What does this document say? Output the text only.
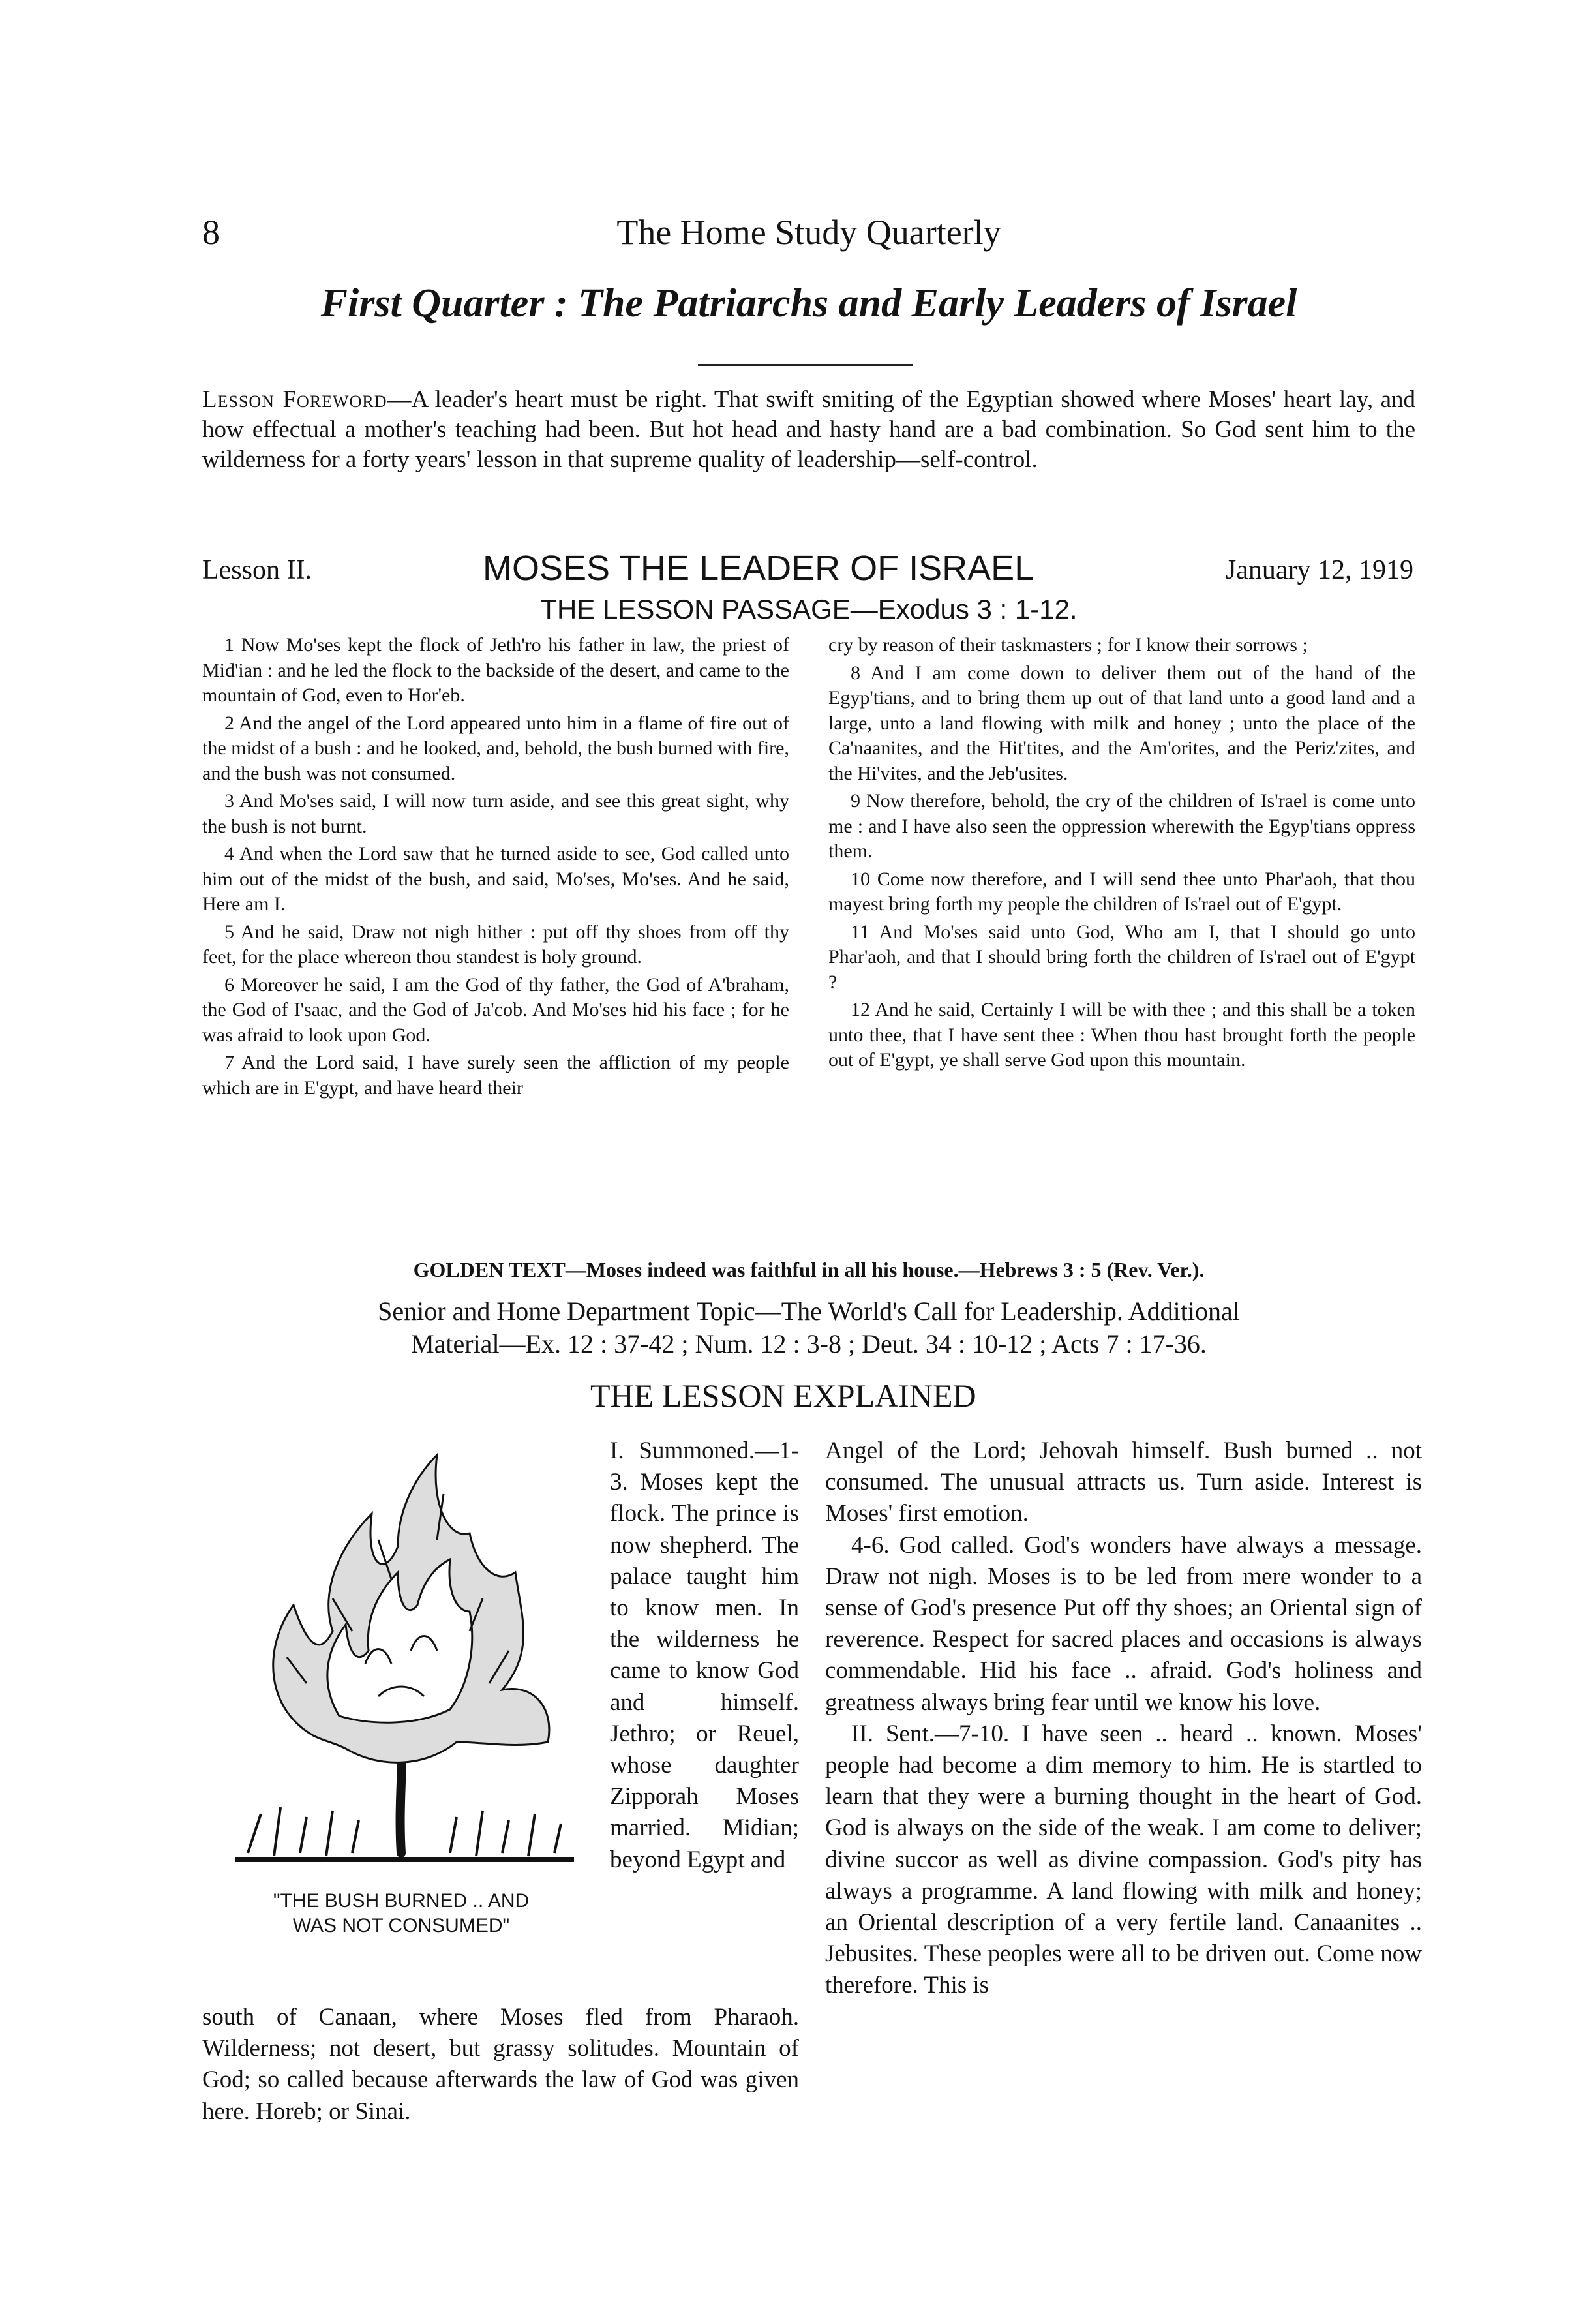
8	The Home Study Quarterly
First Quarter : The Patriarchs and Early Leaders of Israel
Lesson Foreword—A leader's heart must be right. That swift smiting of the Egyptian showed where Moses' heart lay, and how effectual a mother's teaching had been. But hot head and hasty hand are a bad combination. So God sent him to the wilderness for a forty years' lesson in that supreme quality of leadership—self-control.
Lesson II.	MOSES THE LEADER OF ISRAEL	January 12, 1919
THE LESSON PASSAGE—Exodus 3 : 1-12.

1 Now Mo'ses kept the flock of Jeth'ro his father in law, the priest of Mid'ian : and he led the flock to the backside of the desert, and came to the mountain of God, even to Hor'eb.

2 And the angel of the Lord appeared unto him in a flame of fire out of the midst of a bush : and he looked, and, behold, the bush burned with fire, and the bush was not consumed.

3 And Mo'ses said, I will now turn aside, and see this great sight, why the bush is not burnt.

4 And when the Lord saw that he turned aside to see, God called unto him out of the midst of the bush, and said, Mo'ses, Mo'ses. And he said, Here am I.

5 And he said, Draw not nigh hither : put off thy shoes from off thy feet, for the place whereon thou standest is holy ground.

6 Moreover he said, I am the God of thy father, the God of A'braham, the God of I'saac, and the God of Ja'cob. And Mo'ses hid his face ; for he was afraid to look upon God.

7 And the Lord said, I have surely seen the affliction of my people which are in E'gypt, and have heard their

cry by reason of their taskmasters ; for I know their sorrows ;

8 And I am come down to deliver them out of the hand of the Egyp'tians, and to bring them up out of that land unto a good land and a large, unto a land flowing with milk and honey ; unto the place of the Ca'naanites, and the Hit'tites, and the Am'orites, and the Periz'zites, and the Hi'vites, and the Jeb'usites.

9 Now therefore, behold, the cry of the children of Is'rael is come unto me : and I have also seen the oppression wherewith the Egyp'tians oppress them.

10 Come now therefore, and I will send thee unto Phar'aoh, that thou mayest bring forth my people the children of Is'rael out of E'gypt.

11 And Mo'ses said unto God, Who am I, that I should go unto Phar'aoh, and that I should bring forth the children of Is'rael out of E'gypt ?

12 And he said, Certainly I will be with thee ; and this shall be a token unto thee, that I have sent thee : When thou hast brought forth the people out of E'gypt, ye shall serve God upon this mountain.

GOLDEN TEXT—Moses indeed was faithful in all his house.—Hebrews 3 : 5 (Rev. Ver.).
Senior and Home Department Topic—The World's Call for Leadership. Additional
Material—Ex. 12 : 37-42 ; Num. 12 : 3-8 ; Deut. 34 : 10-12 ; Acts 7 : 17-36.
THE LESSON EXPLAINED
"THE BUSH BURNED .. AND
WAS NOT CONSUMED"
I. Summoned.—1-3. Moses kept the flock. The prince is now shepherd. The palace taught him to know men. In the wilderness he came to know God and himself. Jethro; or Reuel, whose daughter Zipporah Moses married. Midian; beyond Egypt and
south of Canaan, where Moses fled from Pharaoh. Wilderness; not desert, but grassy solitudes. Mountain of God; so called because afterwards the law of God was given here. Horeb; or Sinai.

Angel of the Lord; Jehovah himself. Bush burned .. not consumed. The unusual attracts us. Turn aside. Interest is Moses' first emotion.

4-6. God called. God's wonders have always a message. Draw not nigh. Moses is to be led from mere wonder to a sense of God's presence Put off thy shoes; an Oriental sign of reverence. Respect for sacred places and occasions is always commendable. Hid his face .. afraid. God's holiness and greatness always bring fear until we know his love.

II. Sent.—7-10. I have seen .. heard .. known. Moses' people had become a dim memory to him. He is startled to learn that they were a burning thought in the heart of God. God is always on the side of the weak. I am come to deliver; divine succor as well as divine compassion. God's pity has always a programme. A land flowing with milk and honey; an Oriental description of a very fertile land. Canaanites .. Jebusites. These peoples were all to be driven out. Come now therefore. This is
